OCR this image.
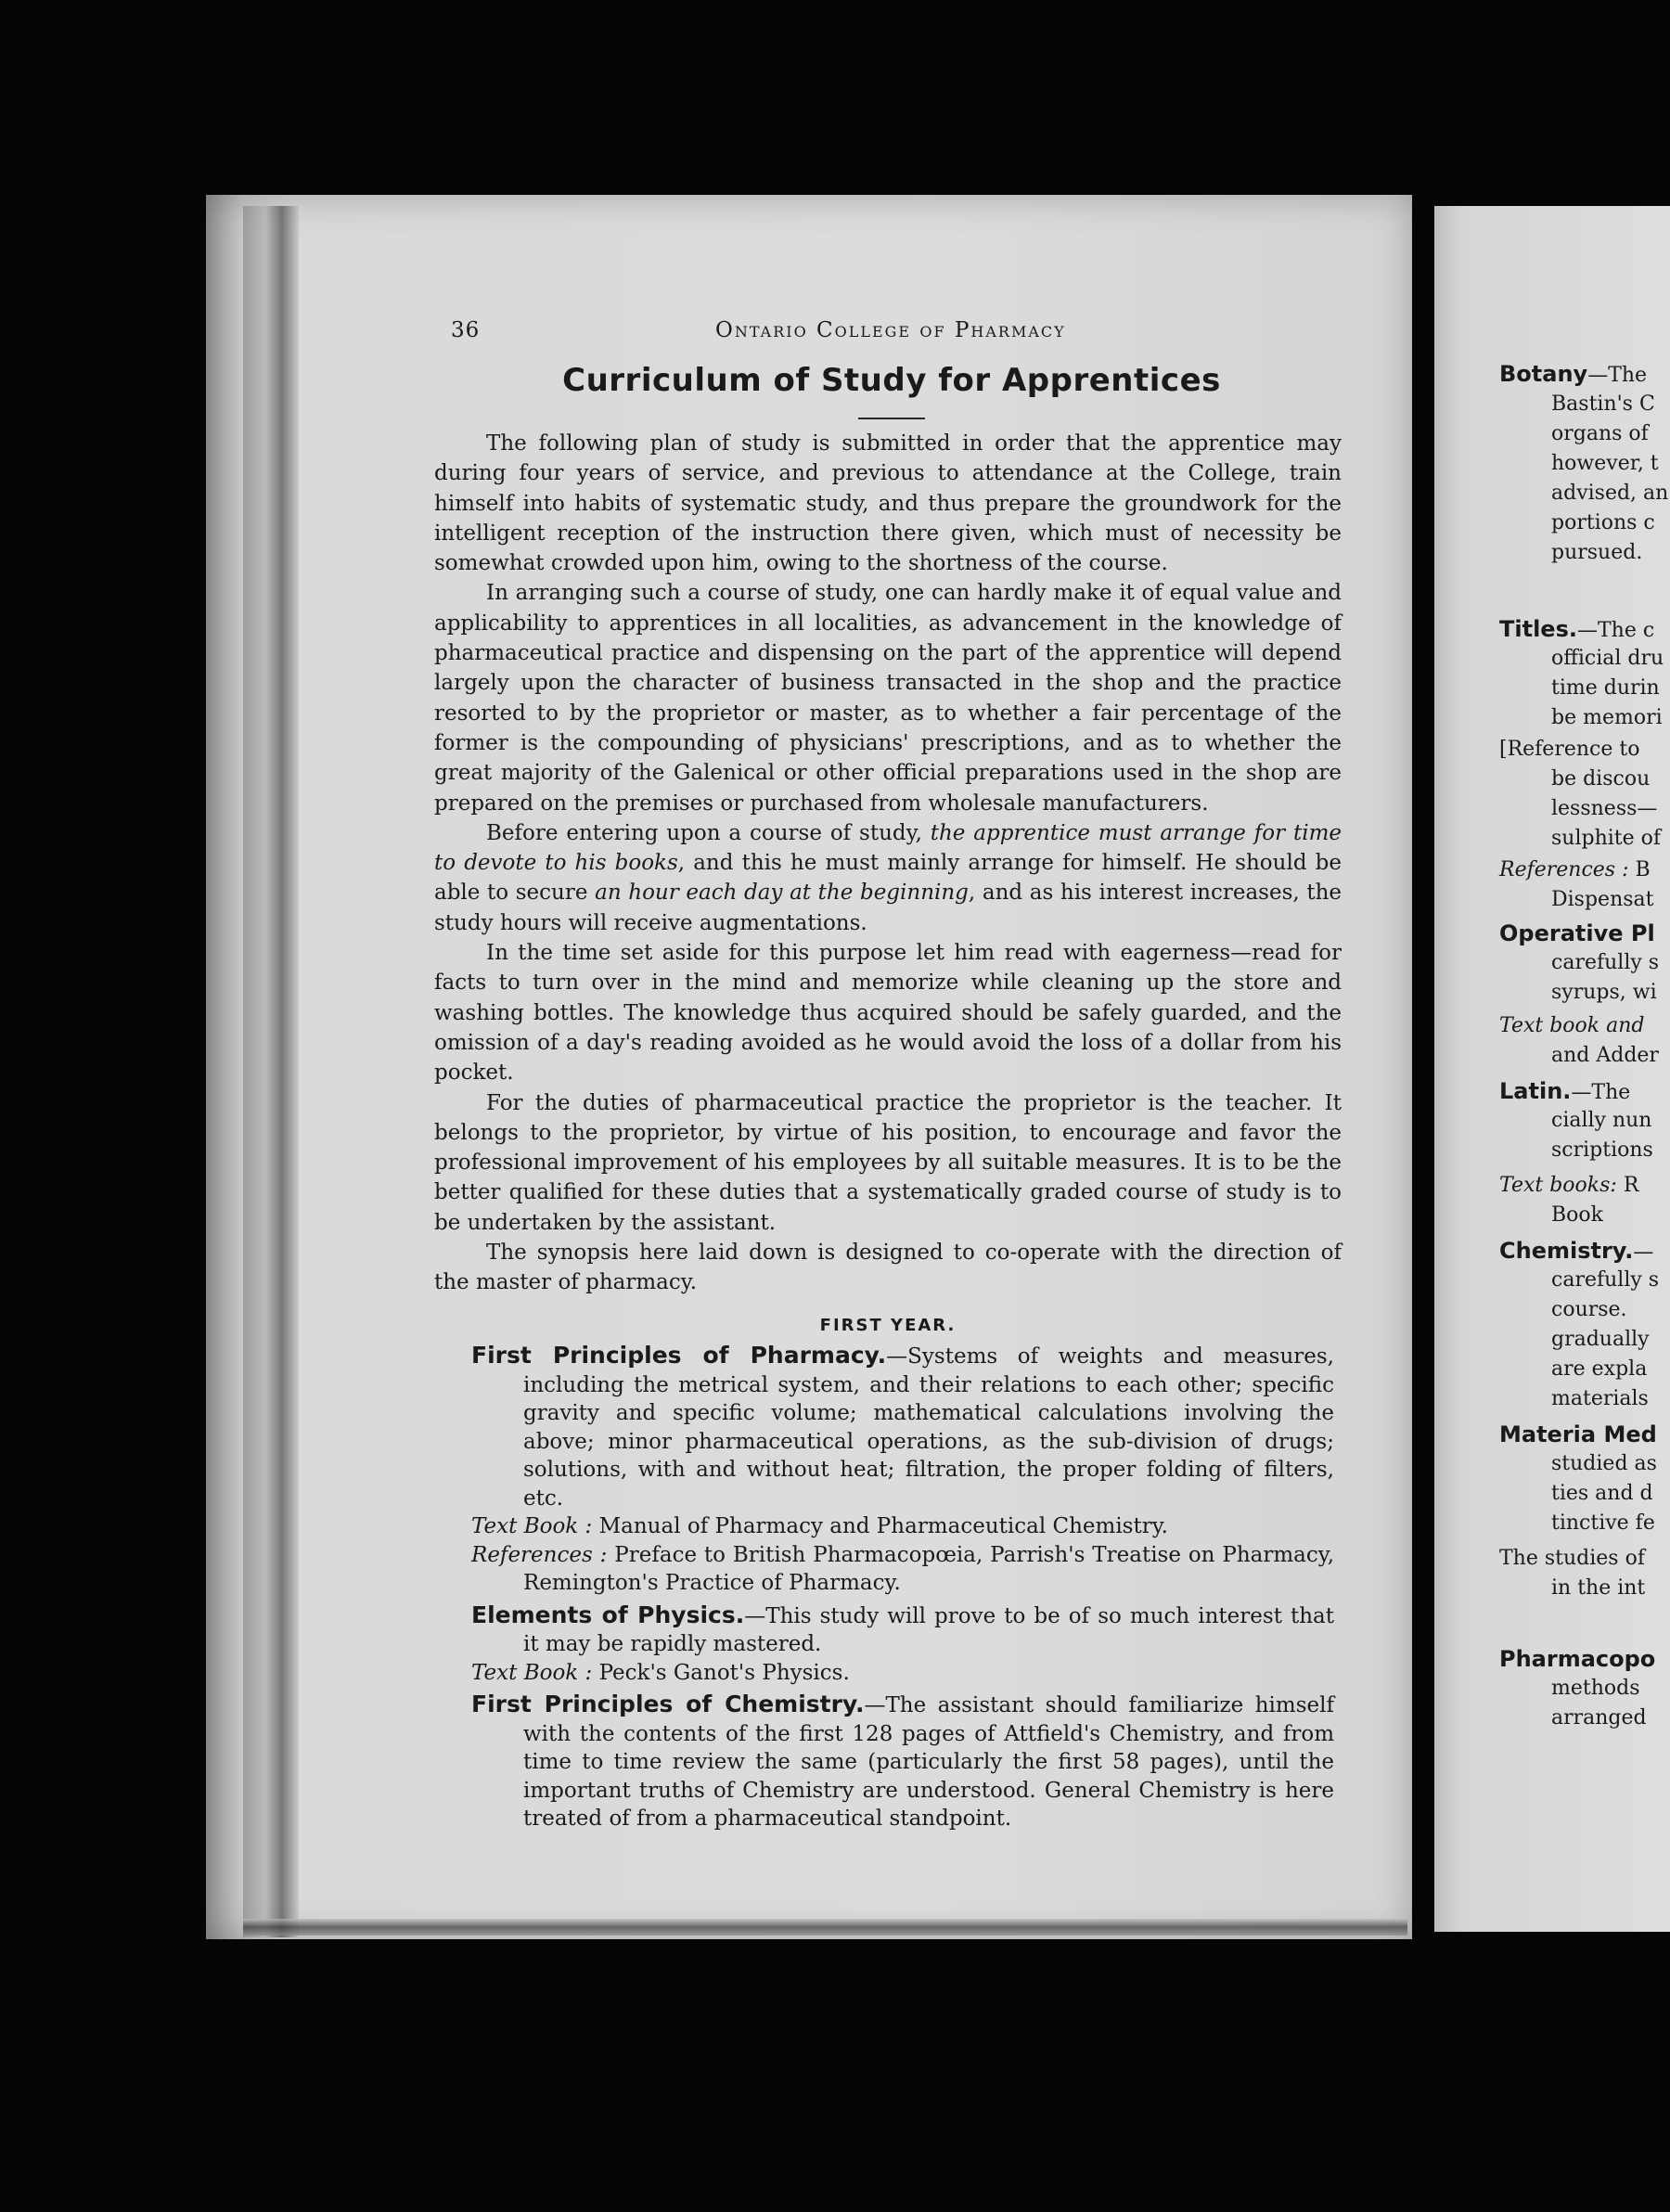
Botany—The
Bastin's C
organs of
however, t
advised, an
portions c
pursued.
Titles.—The c
official dru
time durin
be memori
[Reference to
be discou
lessness—
sulphite of
References : B
Dispensat
Operative Pl
carefully s
syrups, wi
Text book and
and Adder
Latin.—The
cially nun
scriptions
Text books: R
Book
Chemistry.—
carefully s
course.
gradually
are expla
materials
Materia Med
studied as
ties and d
tinctive fe
The studies of
in the int
Pharmacopo
methods
arranged
36	Ontario College of Pharmacy
Curriculum of Study for Apprentices

The following plan of study is submitted in order that the apprentice may during four years of service, and previous to attendance at the College, train himself into habits of systematic study, and thus prepare the groundwork for the intelligent reception of the instruction there given, which must of necessity be somewhat crowded upon him, owing to the shortness of the course.

In arranging such a course of study, one can hardly make it of equal value and applicability to apprentices in all localities, as advancement in the knowledge of pharmaceutical practice and dispensing on the part of the apprentice will depend largely upon the character of business transacted in the shop and the practice resorted to by the proprietor or master, as to whether a fair percentage of the former is the compounding of physicians' prescriptions, and as to whether the great majority of the Galenical or other official preparations used in the shop are prepared on the premises or purchased from wholesale manufacturers.

Before entering upon a course of study, the apprentice must arrange for time to devote to his books, and this he must mainly arrange for himself. He should be able to secure an hour each day at the beginning, and as his interest increases, the study hours will receive augmentations.

In the time set aside for this purpose let him read with eagerness—read for facts to turn over in the mind and memorize while cleaning up the store and washing bottles. The knowledge thus acquired should be safely guarded, and the omission of a day's reading avoided as he would avoid the loss of a dollar from his pocket.

For the duties of pharmaceutical practice the proprietor is the teacher. It belongs to the proprietor, by virtue of his position, to encourage and favor the professional improvement of his employees by all suitable measures. It is to be the better qualified for these duties that a systematically graded course of study is to be undertaken by the assistant.

The synopsis here laid down is designed to co-operate with the direction of the master of pharmacy.

FIRST YEAR.

First Principles of Pharmacy.—Systems of weights and measures, including the metrical system, and their relations to each other; specific gravity and specific volume; mathematical calculations involving the above; minor pharmaceutical operations, as the sub-division of drugs; solutions, with and without heat; filtration, the proper folding of filters, etc.

Text Book : Manual of Pharmacy and Pharmaceutical Chemistry.

References : Preface to British Pharmacopœia, Parrish's Treatise on Pharmacy, Remington's Practice of Pharmacy.

Elements of Physics.—This study will prove to be of so much interest that it may be rapidly mastered.

Text Book : Peck's Ganot's Physics.

First Principles of Chemistry.—The assistant should familiarize himself with the contents of the first 128 pages of Attfield's Chemistry, and from time to time review the same (particularly the first 58 pages), until the important truths of Chemistry are understood. General Chemistry is here treated of from a pharmaceutical standpoint.
